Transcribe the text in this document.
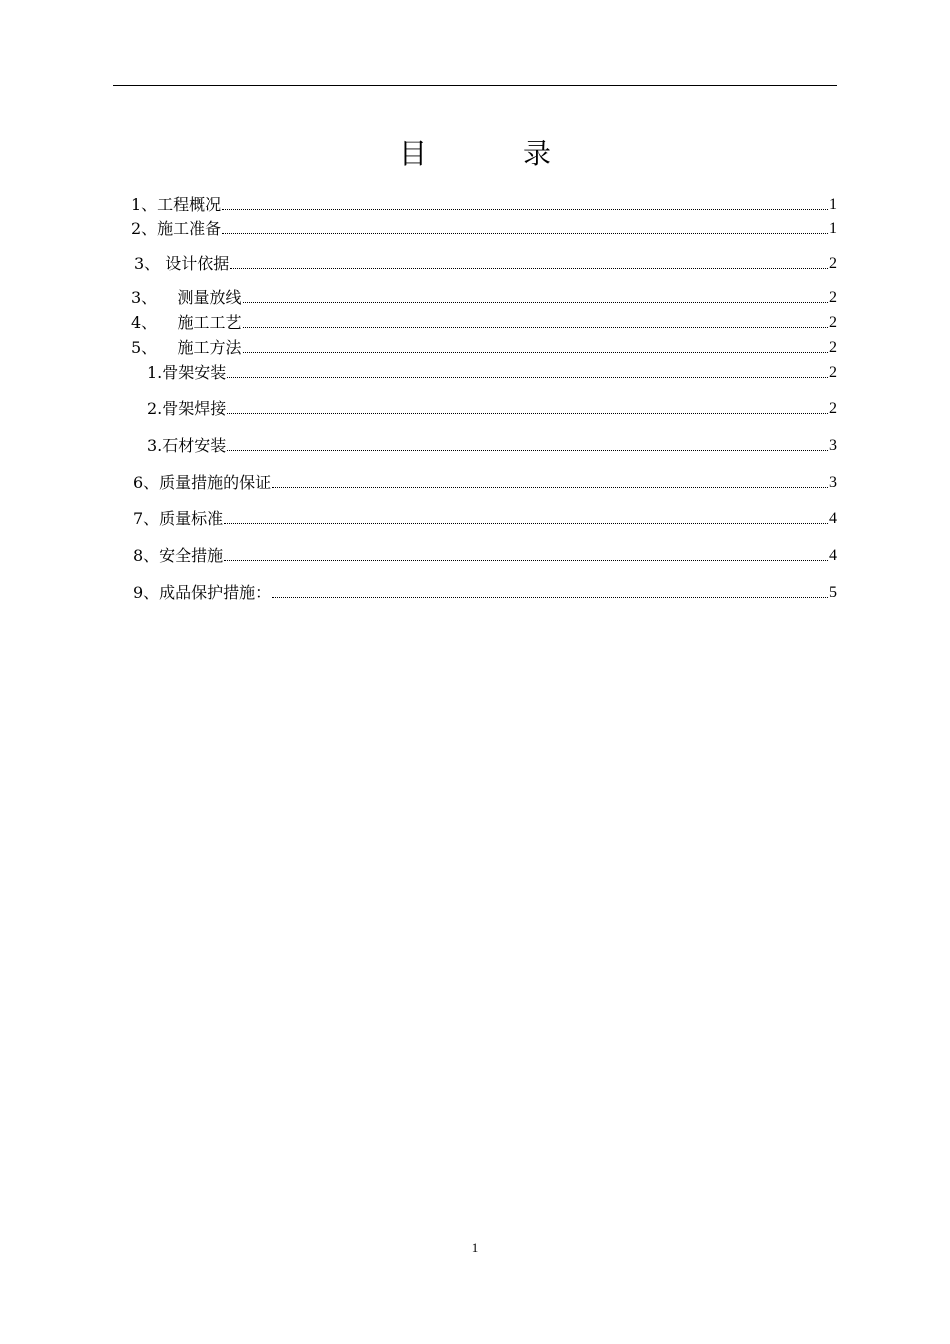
目	录
1、工程概况	1
2、施工准备	1
3、 设计依据	2
3、    测量放线	2
4、    施工工艺	2
5、    施工方法	2
1.骨架安装	2
2.骨架焊接	2
3.石材安装	3
6、质量措施的保证	3
7、质量标准	4
8、安全措施	4
9、成品保护措施：	5
1
